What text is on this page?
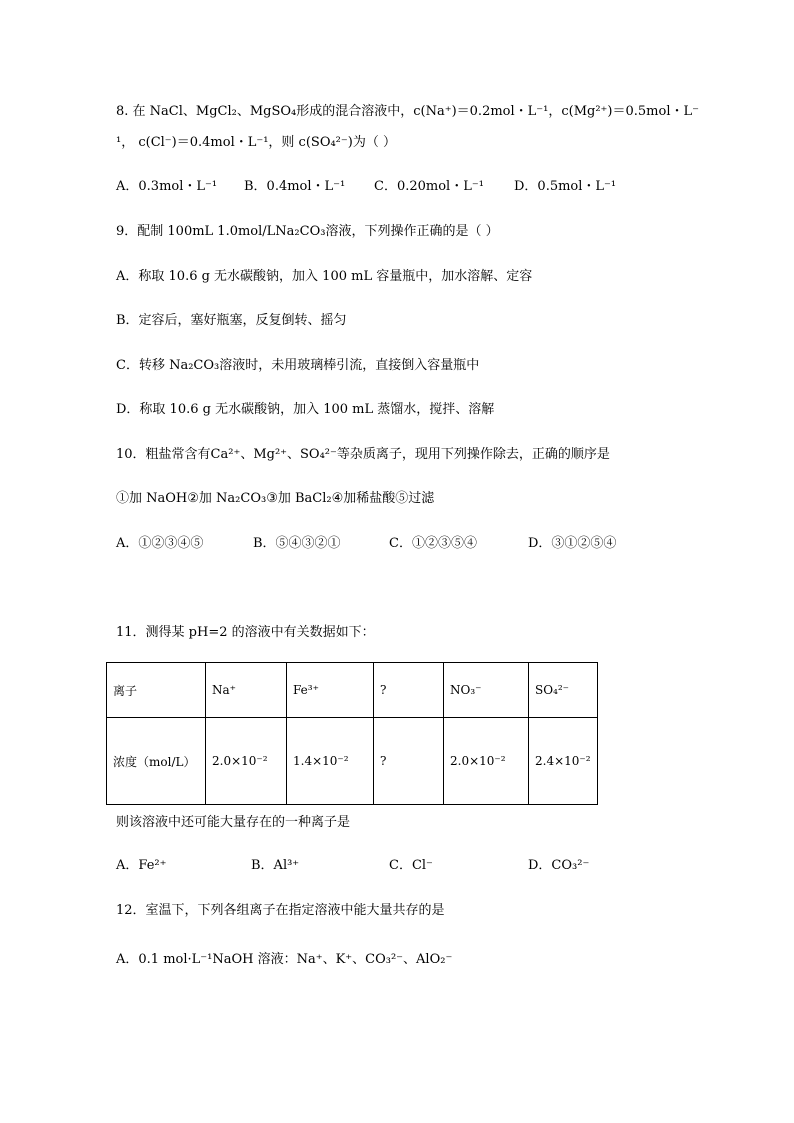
8. 在 NaCl、MgCl₂、MgSO₄形成的混合溶液中，c(Na⁺)＝0.2mol・L⁻¹，c(Mg²⁺)＝0.5mol・L⁻
¹， c(Cl⁻)＝0.4mol・L⁻¹，则 c(SO₄²⁻)为（ ）
A．0.3mol・L⁻¹ B．0.4mol・L⁻¹ C．0.20mol・L⁻¹ D．0.5mol・L⁻¹
9．配制 100mL 1.0mol/LNa₂CO₃溶液，下列操作正确的是（ ）
A．称取 10.6 g 无水碳酸钠，加入 100 mL 容量瓶中，加水溶解、定容
B．定容后，塞好瓶塞，反复倒转、摇匀
C．转移 Na₂CO₃溶液时，未用玻璃棒引流，直接倒入容量瓶中
D．称取 10.6 g 无水碳酸钠，加入 100 mL 蒸馏水，搅拌、溶解
10．粗盐常含有Ca²⁺、Mg²⁺、SO₄²⁻等杂质离子，现用下列操作除去，正确的顺序是
①加 NaOH②加 Na₂CO₃③加 BaCl₂④加稀盐酸⑤过滤
A．①②③④⑤	B．⑤④③②①	C．①②③⑤④	D．③①②⑤④
11．测得某 pH=2 的溶液中有关数据如下：
离子	Na⁺	Fe³⁺	?	NO₃⁻	SO₄²⁻
浓度（mol/L）	2.0×10⁻²	1.4×10⁻²	?	2.0×10⁻²	2.4×10⁻²
则该溶液中还可能大量存在的一种离子是
A．Fe²⁺	B．Al³⁺	C．Cl⁻	D．CO₃²⁻
12．室温下，下列各组离子在指定溶液中能大量共存的是
A．0.1 mol·L⁻¹NaOH 溶液：Na⁺、K⁺、CO₃²⁻、AlO₂⁻
